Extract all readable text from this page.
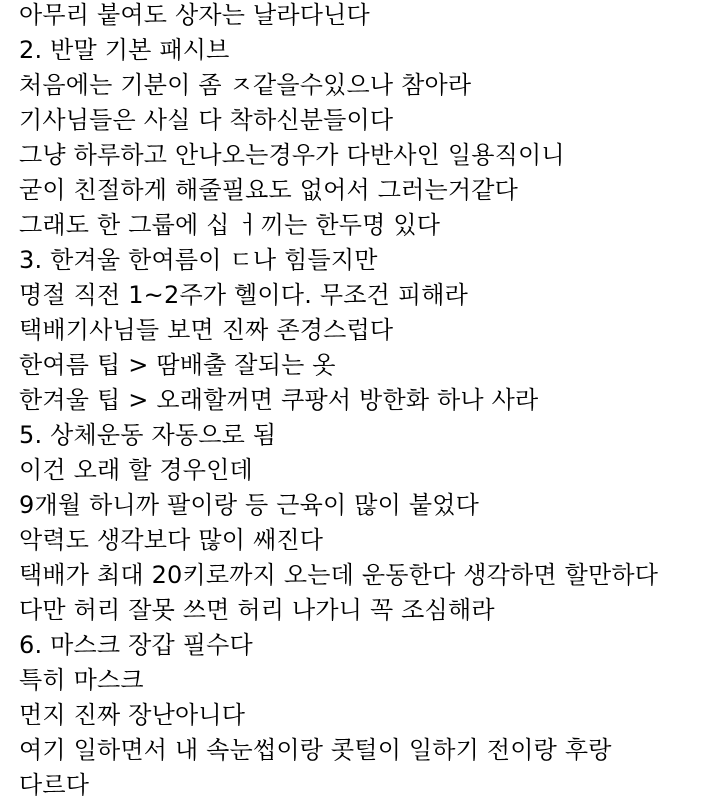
아무리 붙여도 상자는 날라다닌다
2. 반말 기본 패시브
처음에는 기분이 좀 ㅈ같을수있으나 참아라
기사님들은 사실 다 착하신분들이다
그냥 하루하고 안나오는경우가 다반사인 일용직이니
굳이 친절하게 해줄필요도 없어서 그러는거같다
그래도 한 그룹에 십 ㅓ끼는 한두명 있다
3. 한겨울 한여름이 ㄷ나 힘들지만
명절 직전 1~2주가 헬이다. 무조건 피해라
택배기사님들 보면 진짜 존경스럽다
한여름 팁 > 땀배출 잘되는 옷
한겨울 팁 > 오래할꺼면 쿠팡서 방한화 하나 사라
5. 상체운동 자동으로 됨
이건 오래 할 경우인데
9개월 하니까 팔이랑 등 근육이 많이 붙었다
악력도 생각보다 많이 쌔진다
택배가 최대 20키로까지 오는데 운동한다 생각하면 할만하다
다만 허리 잘못 쓰면 허리 나가니 꼭 조심해라
6. 마스크 장갑 필수다
특히 마스크
먼지 진짜 장난아니다
여기 일하면서 내 속눈썹이랑 콧털이 일하기 전이랑 후랑
다르다
